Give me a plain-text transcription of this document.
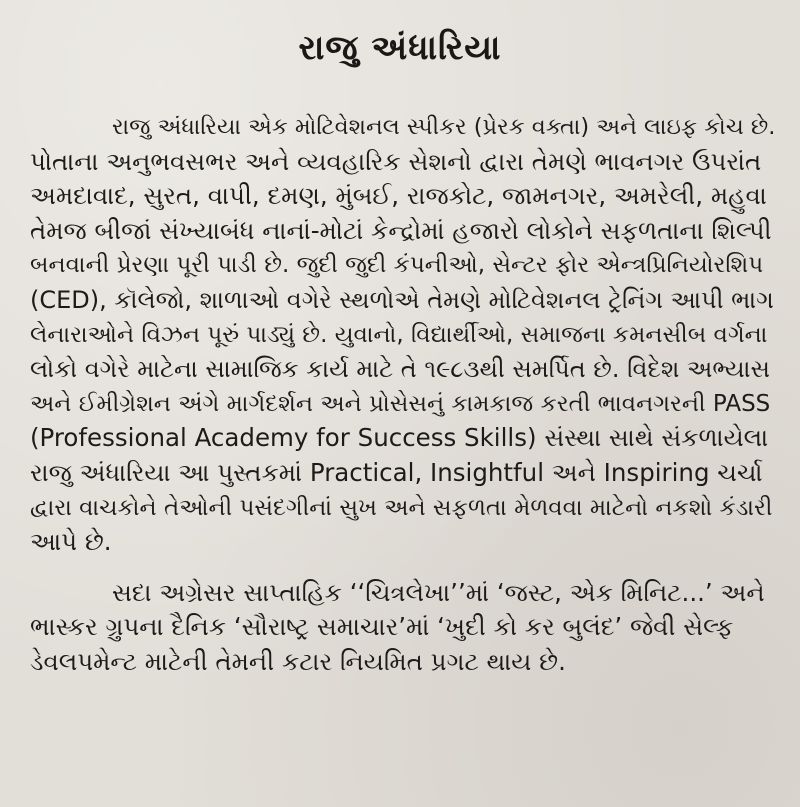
રાજુ અંધારિયા

રાજુ અંધારિયા એક મોટિવેશનલ સ્પીકર (પ્રેરક વક્તા) અને લાઇફ કોચ છે.
પોતાના અનુભવસભર અને વ્યવહારિક સેશનો દ્વારા તેમણે ભાવનગર ઉપરાંત
અમદાવાદ, સુરત, વાપી, દમણ, મુંબઈ, રાજકોટ, જામનગર, અમરેલી, મહુવા
તેમજ બીજાં સંખ્યાબંધ નાનાં-મોટાં કેન્દ્રોમાં હજારો લોકોને સફળતાના શિલ્પી
બનવાની પ્રેરણા પૂરી પાડી છે. જુદી જુદી કંપનીઓ, સેન્ટર ફોર એન્ત્રપ્રિનિયોરશિપ
(CED), કૉલેજો, શાળાઓ વગેરે સ્થળોએ તેમણે મોટિવેશનલ ટ્રેનિંગ આપી ભાગ
લેનારાઓને વિઝન પૂરું પાડ્યું છે. યુવાનો, વિદ્યાર્થીઓ, સમાજના કમનસીબ વર્ગના
લોકો વગેરે માટેના સામાજિક કાર્ય માટે તે ૧૯૮૩થી સમર્પિત છે. વિદેશ અભ્યાસ
અને ઈમીગ્રેશન અંગે માર્ગદર્શન અને પ્રોસેસનું કામકાજ કરતી ભાવનગરની PASS
(Professional Academy for Success Skills) સંસ્થા સાથે સંકળાયેલા
રાજુ અંધારિયા આ પુસ્તકમાં Practical, Insightful અને Inspiring ચર્ચા
દ્વારા વાચકોને તેઓની પસંદગીનાં સુખ અને સફળતા મેળવવા માટેનો નકશો કંડારી
આપે છે.

સદા અગ્રેસર સાપ્તાહિક ‘‘ચિત્રલેખા’’માં ‘જસ્ટ, એક મિનિટ...’ અને
ભાસ્કર ગ્રુપના દૈનિક ‘સૌરાષ્ટ્ર સમાચાર’માં ‘ખુદી કો કર બુલંદ’ જેવી સેલ્ફ
ડેવલપમેન્ટ માટેની તેમની કટાર નિયમિત પ્રગટ થાય છે.
